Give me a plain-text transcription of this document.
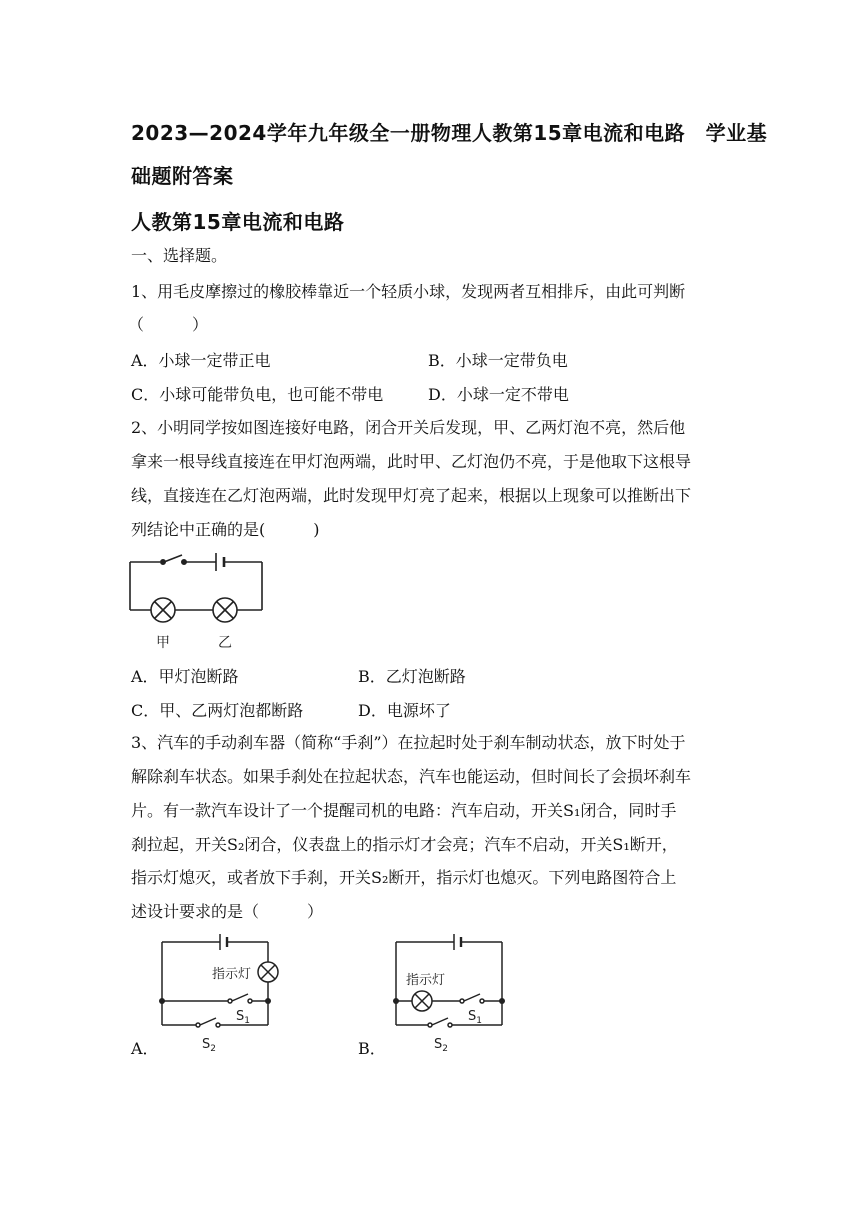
2023—2024学年九年级全一册物理人教第15章电流和电路　学业基
础题附答案
人教第15章电流和电路
一、选择题。
1、用毛皮摩擦过的橡胶棒靠近一个轻质小球，发现两者互相排斥，由此可判断
（　　　）
A．小球一定带正电	B．小球一定带负电
C．小球可能带负电，也可能不带电	D．小球一定不带电
2、小明同学按如图连接好电路，闭合开关后发现，甲、乙两灯泡不亮，然后他
拿来一根导线直接连在甲灯泡两端，此时甲、乙灯泡仍不亮，于是他取下这根导
线，直接连在乙灯泡两端，此时发现甲灯亮了起来，根据以上现象可以推断出下
列结论中正确的是(　　　)
甲	乙
A．甲灯泡断路	B．乙灯泡断路
C．甲、乙两灯泡都断路	D．电源坏了
3、汽车的手动刹车器（简称“手刹”）在拉起时处于刹车制动状态，放下时处于
解除刹车状态。如果手刹处在拉起状态，汽车也能运动，但时间长了会损坏刹车
片。有一款汽车设计了一个提醒司机的电路：汽车启动，开关S₁闭合，同时手
刹拉起，开关S₂闭合，仪表盘上的指示灯才会亮；汽车不启动，开关S₁断开，
指示灯熄灭，或者放下手刹，开关S₂断开，指示灯也熄灭。下列电路图符合上
述设计要求的是（　　　）
指示灯
$S_1$
$S_2$
A．
指示灯
$S_1$
$S_2$
B．
